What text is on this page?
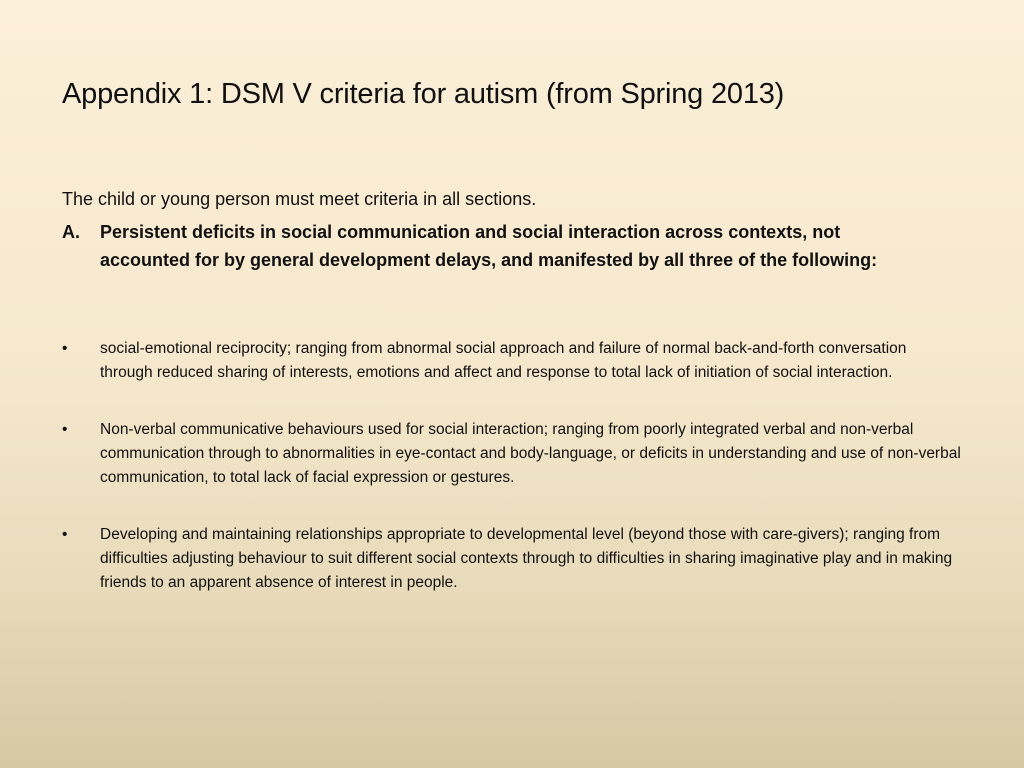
Appendix 1: DSM V criteria for autism (from Spring 2013)

The child or young person must meet criteria in all sections.

A.	Persistent deficits in social communication and social interaction across contexts, not accounted for by general development delays, and manifested by all three of the following:
•	social-emotional reciprocity; ranging from abnormal social approach and failure of normal back-and-forth conversation through reduced sharing of interests, emotions and affect and response to total lack of initiation of social interaction.
•	Non-verbal communicative behaviours used for social interaction; ranging from poorly integrated verbal and non-verbal communication through to abnormalities in eye-contact and body-language, or deficits in understanding and use of non-verbal communication, to total lack of facial expression or gestures.
•	Developing and maintaining relationships appropriate to developmental level (beyond those with care-givers); ranging from difficulties adjusting behaviour to suit different social contexts through to difficulties in sharing imaginative play and in making friends to an apparent absence of interest in people.
